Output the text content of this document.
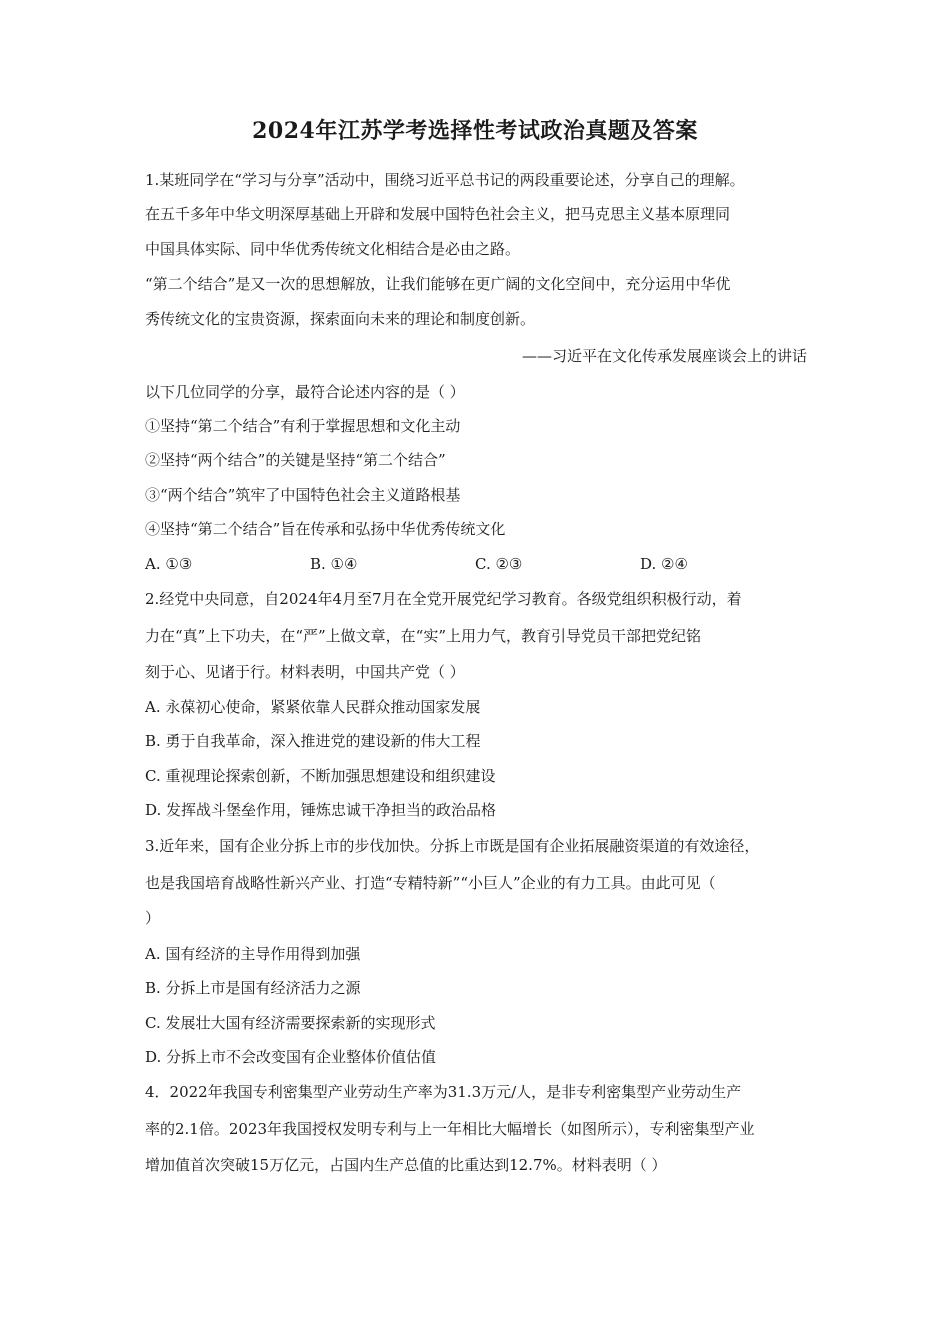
2024年江苏学考选择性考试政治真题及答案
1.某班同学在“学习与分享”活动中，围绕习近平总书记的两段重要论述，分享自己的理解。
在五千多年中华文明深厚基础上开辟和发展中国特色社会主义，把马克思主义基本原理同
中国具体实际、同中华优秀传统文化相结合是必由之路。
“第二个结合”是又一次的思想解放，让我们能够在更广阔的文化空间中，充分运用中华优
秀传统文化的宝贵资源，探索面向未来的理论和制度创新。
——习近平在文化传承发展座谈会上的讲话
以下几位同学的分享，最符合论述内容的是（ ）
①坚持“第二个结合”有利于掌握思想和文化主动
②坚持“两个结合”的关键是坚持“第二个结合”
③“两个结合”筑牢了中国特色社会主义道路根基
④坚持“第二个结合”旨在传承和弘扬中华优秀传统文化
A. ①③	B. ①④	C. ②③	D. ②④
2.经党中央同意，自2024年4月至7月在全党开展党纪学习教育。各级党组织积极行动，着
力在“真”上下功夫，在“严”上做文章，在“实”上用力气，教育引导党员干部把党纪铭
刻于心、见诸于行。材料表明，中国共产党（ ）
A. 永葆初心使命，紧紧依靠人民群众推动国家发展
B. 勇于自我革命，深入推进党的建设新的伟大工程
C. 重视理论探索创新，不断加强思想建设和组织建设
D. 发挥战斗堡垒作用，锤炼忠诚干净担当的政治品格
3.近年来，国有企业分拆上市的步伐加快。分拆上市既是国有企业拓展融资渠道的有效途径，
也是我国培育战略性新兴产业、打造“专精特新”“小巨人”企业的有力工具。由此可见（
）
A. 国有经济的主导作用得到加强
B. 分拆上市是国有经济活力之源
C. 发展壮大国有经济需要探索新的实现形式
D. 分拆上市不会改变国有企业整体价值估值
4．2022年我国专利密集型产业劳动生产率为31.3万元/人，是非专利密集型产业劳动生产
率的2.1倍。2023年我国授权发明专利与上一年相比大幅增长（如图所示），专利密集型产业
增加值首次突破15万亿元，占国内生产总值的比重达到12.7%。材料表明（ ）
